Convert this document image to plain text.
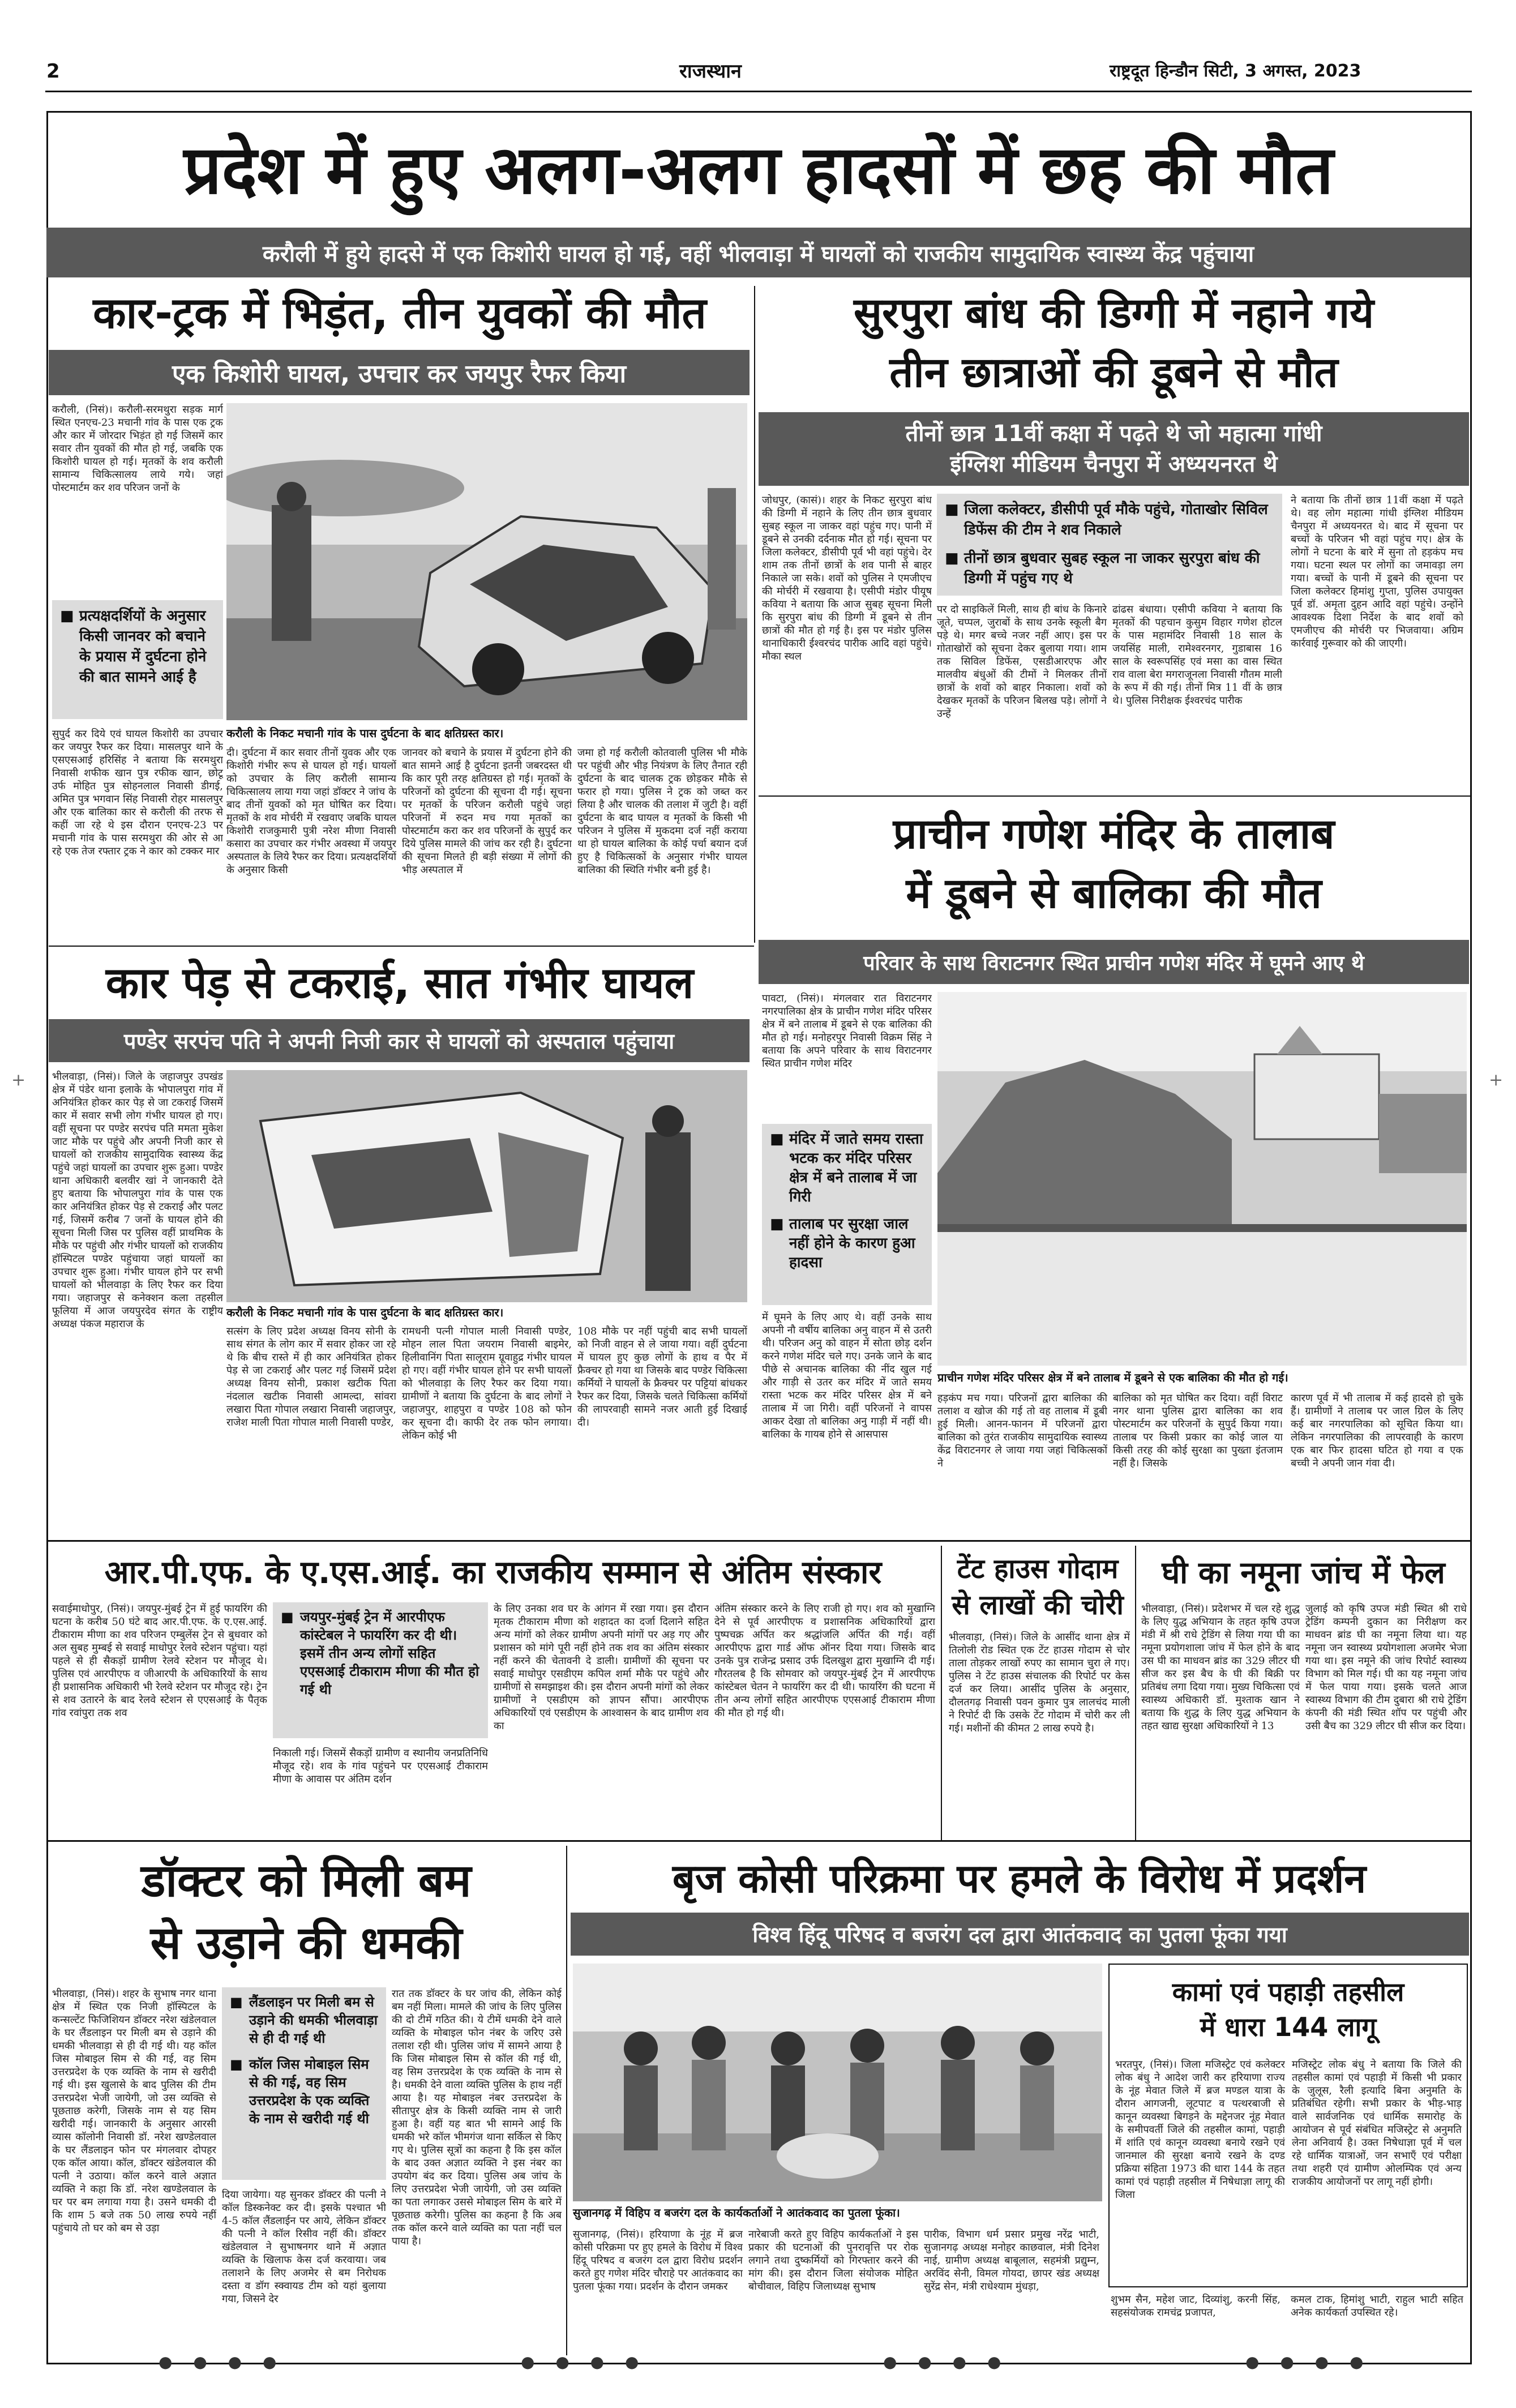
2	राजस्थान	राष्ट्रदूत हिन्डौन सिटी, 3 अगस्त, 2023
प्रदेश में हुए अलग-अलग हादसों में छह की मौत
करौली में हुये हादसे में एक किशोरी घायल हो गई, वहीं भीलवाड़ा में घायलों को राजकीय सामुदायिक स्वास्थ्य केंद्र पहुंचाया
कार-ट्रक में भिड़ंत, तीन युवकों की मौत
एक किशोरी घायल, उपचार कर जयपुर रैफर किया
करौली, (निसं)। करौली-सरमथुरा सड़क मार्ग स्थित एनएच-23 मचानी गांव के पास एक ट्रक और कार में जोरदार भिड़ंत हो गई जिसमें कार सवार तीन युवकों की मौत हो गई, जबकि एक किशोरी घायल हो गई। मृतकों के शव करौली सामान्य चिकित्सालय लाये गये। जहां पोस्टमार्टम कर शव परिजन जनों के
■ प्रत्यक्षदर्शियों के अनुसार किसी जानवर को बचाने के प्रयास में दुर्घटना होने की बात सामने आई है
सुपुर्द कर दिये एवं घायल किशोरी का उपचार कर जयपुर रैफर कर दिया। मासलपुर थाने के एसएसआई हरिसिंह ने बताया कि सरमथुरा निवासी शफीक खान पुत्र रफीक खान, छोटू उर्फ मोहित पुत्र सोहनलाल निवासी डीगई, अमित पुत्र भगवान सिंह निवासी रोहर मासलपुर और एक बालिका कार से करौली की तरफ से कहीं जा रहे थे इस दौरान एनएच-23 पर मचानी गांव के पास सरमथुरा की ओर से आ रहे एक तेज रफ्तार ट्रक ने कार को टक्कर मार
करौली के निकट मचानी गांव के पास दुर्घटना के बाद क्षतिग्रस्त कार।
दी। दुर्घटना में कार सवार तीनों युवक और एक किशोरी गंभीर रूप से घायल हो गई। घायलों को उपचार के लिए करौली सामान्य चिकित्सालय लाया गया जहां डॉक्टर ने जांच के बाद तीनों युवकों को मृत घोषित कर दिया। मृतकों के शव मोर्चरी में रखवाए जबकि घायल किशोरी राजकुमारी पुत्री नरेश मीणा निवासी कसारा का उपचार कर गंभीर अवस्था में जयपुर अस्पताल के लिये रैफर कर दिया। प्रत्यक्षदर्शियों के अनुसार किसी
जानवर को बचाने के प्रयास में दुर्घटना होने की बात सामने आई है दुर्घटना इतनी जबरदस्त थी कि कार पूरी तरह क्षतिग्रस्त हो गई। मृतकों के परिजनों को दुर्घटना की सूचना दी गई। सूचना पर मृतकों के परिजन करौली पहुंचे जहां परिजनों में रुदन मच गया मृतकों का पोस्टमार्टम करा कर शव परिजनों के सुपुर्द कर दिये पुलिस मामले की जांच कर रही है। दुर्घटना की सूचना मिलते ही बड़ी संख्या में लोगों की भीड़ अस्पताल में
जमा हो गई करौली कोतवाली पुलिस भी मौके पर पहुंची और भीड़ नियंत्रण के लिए तैनात रही दुर्घटना के बाद चालक ट्रक छोड़कर मौके से फरार हो गया। पुलिस ने ट्रक को जब्त कर लिया है और चालक की तलाश में जुटी है। वहीं दुर्घटना के बाद घायल व मृतकों के किसी भी परिजन ने पुलिस में मुकदमा दर्ज नहीं कराया था हो घायल बालिका के कोई पर्चा बयान दर्ज हुए है चिकित्सकों के अनुसार गंभीर घायल बालिका की स्थिति गंभीर बनी हुई है।
सुरपुरा बांध की डिग्गी में नहाने गये
तीन छात्राओं की डूबने से मौत
तीनों छात्र 11वीं कक्षा में पढ़ते थे जो महात्मा गांधी
इंग्लिश मीडियम चैनपुरा में अध्ययनरत थे
जोधपुर, (कासं)। शहर के निकट सुरपुरा बांध की डिग्गी में नहाने के लिए तीन छात्र बुधवार सुबह स्कूल ना जाकर वहां पहुंच गए। पानी में डूबने से उनकी दर्दनाक मौत हो गई। सूचना पर जिला कलेक्टर, डीसीपी पूर्व भी वहां पहुंचे। देर शाम तक तीनों छात्रों के शव पानी से बाहर निकाले जा सके। शवों को पुलिस ने एमजीएच की मोर्चरी में रखवाया है। एसीपी मंडोर पीयूष कविया ने बताया कि आज सुबह सूचना मिली कि सुरपुरा बांध की डिग्गी में डूबने से तीन छात्रों की मौत हो गई है। इस पर मंडोर पुलिस थानाधिकारी ईश्वरचंद पारीक आदि वहां पहुंचे। मौका स्थल
■ जिला कलेक्टर, डीसीपी पूर्व मौके पहुंचे, गोताखोर सिविल डिफेंस की टीम ने शव निकाले
■ तीनों छात्र बुधवार सुबह स्कूल ना जाकर सुरपुरा बांध की डिग्गी में पहुंच गए थे
पर दो साइकिलें मिली, साथ ही बांध के किनारे जूते, चप्पल, जुराबों के साथ उनके स्कूली बैग पड़े थे। मगर बच्चे नजर नहीं आए। इस पर गोताखोरों को सूचना देकर बुलाया गया। शाम तक सिविल डिफेंस, एसडीआरएफ और मालवीय बंधुओं की टीमों ने मिलकर तीनों छात्रों के शवों को बाहर निकाला। शवों को देखकर मृतकों के परिजन बिलख पड़े। लोगों ने उन्हें
ढांढस बंधाया। एसीपी कविया ने बताया कि मृतकों की पहचान कुसुम विहार गणेश होटल के पास महामंदिर निवासी 18 साल के जयसिंह माली, रामेश्वरनगर, गुडाबास 16 साल के स्वरूपसिंह एवं मसा का वास स्थित राव वाला बेरा मगराजूनला निवासी गौतम माली के रूप में की गई। तीनों मित्र 11 वीं के छात्र थे। पुलिस निरीक्षक ईश्वरचंद पारीक
ने बताया कि तीनों छात्र 11वीं कक्षा में पढ़ते थे। वह लोग महात्मा गांधी इंग्लिश मीडियम चैनपुरा में अध्ययनरत थे। बाद में सूचना पर बच्चों के परिजन भी वहां पहुंच गए। क्षेत्र के लोगों ने घटना के बारे में सुना तो हड़कंप मच गया। घटना स्थल पर लोगों का जमावड़ा लग गया। बच्चों के पानी में डूबने की सूचना पर जिला कलेक्टर हिमांशु गुप्ता, पुलिस उपायुक्त पूर्व डॉ. अमृता दुहन आदि वहां पहुंचे। उन्होंने आवश्यक दिशा निर्देश के बाद शवों को एमजीएच की मोर्चरी पर भिजवाया। अग्रिम कार्रवाई गुरूवार को की जाएगी।
प्राचीन गणेश मंदिर के तालाब
में डूबने से बालिका की मौत
परिवार के साथ विराटनगर स्थित प्राचीन गणेश मंदिर में घूमने आए थे
पावटा, (निसं)। मंगलवार रात विराटनगर नगरपालिका क्षेत्र के प्राचीन गणेश मंदिर परिसर क्षेत्र में बने तालाब में डूबने से एक बालिका की मौत हो गई। मनोहरपुर निवासी विक्रम सिंह ने बताया कि अपने परिवार के साथ विराटनगर स्थित प्राचीन गणेश मंदिर
■ मंदिर में जाते समय रास्ता भटक कर मंदिर परिसर क्षेत्र में बने तालाब में जा गिरी
■ तालाब पर सुरक्षा जाल नहीं होने के कारण हुआ हादसा
में घूमने के लिए आए थे। वहीं उनके साथ अपनी नौ वर्षीय बालिका अनु वाहन में से उतरी थी। परिजन अनु को वाहन में सोता छोड़ दर्शन करने गणेश मंदिर चले गए। उनके जाने के बाद पीछे से अचानक बालिका की नींद खुल गई और गाड़ी से उतर कर मंदिर में जाते समय रास्ता भटक कर मंदिर परिसर क्षेत्र में बने तालाब में जा गिरी। वहीं परिजनों ने वापस आकर देखा तो बालिका अनु गाड़ी में नहीं थी। बालिका के गायब होने से आसपास
प्राचीन गणेश मंदिर परिसर क्षेत्र में बने तालाब में डूबने से एक बालिका की मौत हो गई।
हड़कंप मच गया। परिजनों द्वारा बालिका की तलाश व खोज की गई तो वह तालाब में डूबी हुई मिली। आनन-फानन में परिजनों द्वारा बालिका को तुरंत राजकीय सामुदायिक स्वास्थ्य केंद्र विराटनगर ले जाया गया जहां चिकित्सकों ने
बालिका को मृत घोषित कर दिया। वहीं विराट नगर थाना पुलिस द्वारा बालिका का शव पोस्टमार्टम कर परिजनों के सुपुर्द किया गया। तालाब पर किसी प्रकार का कोई जाल या किसी तरह की कोई सुरक्षा का पुख्ता इंतजाम नहीं है। जिसके
कारण पूर्व में भी तालाब में कई हादसे हो चुके हैं। ग्रामीणों ने तालाब पर जाल ग्रिल के लिए कई बार नगरपालिका को सूचित किया था। लेकिन नगरपालिका की लापरवाही के कारण एक बार फिर हादसा घटित हो गया व एक बच्ची ने अपनी जान गंवा दी।
कार पेड़ से टकराई, सात गंभीर घायल
पण्डेर सरपंच पति ने अपनी निजी कार से घायलों को अस्पताल पहुंचाया
भीलवाड़ा, (निसं)। जिले के जहाजपुर उपखंड क्षेत्र में पंडेर थाना इलाके के भोपालपुरा गांव में अनियंत्रित होकर कार पेड़ से जा टकराई जिसमें कार में सवार सभी लोग गंभीर घायल हो गए। वहीं सूचना पर पण्डेर सरपंच पति ममता मुकेश जाट मौके पर पहुंचे और अपनी निजी कार से घायलों को राजकीय सामुदायिक स्वास्थ्य केंद्र पहुंचे जहां घायलों का उपचार शुरू हुआ। पण्डेर थाना अधिकारी बलवीर खां ने जानकारी देते हुए बताया कि भोपालपुरा गांव के पास एक कार अनियंत्रित होकर पेड़ से टकराई और पलट गई, जिसमें करीब 7 जनों के घायल होने की सूचना मिली जिस पर पुलिस वहीं प्राथमिक के मौके पर पहुंची और गंभीर घायलों को राजकीय हॉस्पिटल पण्डेर पहुंचाया जहां घायलों का उपचार शुरू हुआ। गंभीर घायल होने पर सभी घायलों को भीलवाड़ा के लिए रैफर कर दिया गया। जहाजपुर से कनेक्शन कला तहसील फूलिया में आज जयपुरदेव संगत के राष्ट्रीय अध्यक्ष पंकज महाराज के
करौली के निकट मचानी गांव के पास दुर्घटना के बाद क्षतिग्रस्त कार।
सत्संग के लिए प्रदेश अध्यक्ष विनय सोनी के साथ संगत के लोग कार में सवार होकर जा रहे थे कि बीच रास्ते में ही कार अनियंत्रित होकर पेड़ से जा टकराई और पलट गई जिसमें प्रदेश अध्यक्ष विनय सोनी, प्रकाश खटीक पिता नंदलाल खटीक निवासी आमल्दा, सांवरा लखारा पिता गोपाल लखारा निवासी जहाजपुर, राजेश माली पिता गोपाल माली निवासी पण्डेर,
रामधनी पत्नी गोपाल माली निवासी पण्डेर, मोहन लाल पिता जयराम निवासी बाइमेर, हिलीवानिंग पिता सालूराम ग्रूवाहुद्र गंभीर घायल हो गए। वहीं गंभीर घायल होने पर सभी घायलों को भीलवाड़ा के लिए रैफर कर दिया गया। ग्रामीणों ने बताया कि दुर्घटना के बाद लोगों ने जहाजपुर, शाहपुरा व पण्डेर 108 को फोन कर सूचना दी। काफी देर तक फोन लगाया। लेकिन कोई भी
108 मौके पर नहीं पहुंची बाद सभी घायलों को निजी वाहन से ले जाया गया। वहीं दुर्घटना में घायल हुए कुछ लोगों के हाथ व पैर में फ्रैक्चर हो गया था जिसके बाद पण्डेर चिकित्सा कर्मियों ने घायलों के फ्रैक्चर पर पट्टियां बांधकर रैफर कर दिया, जिसके चलते चिकित्सा कर्मियों की लापरवाही सामने नजर आती हुई दिखाई दी।
आर.पी.एफ. के ए.एस.आई. का राजकीय सम्मान से अंतिम संस्कार
सवाईमाधोपुर, (निसं)। जयपुर-मुंबई ट्रेन में हुई फायरिंग की घटना के करीब 50 घंटे बाद आर.पी.एफ. के ए.एस.आई. टीकाराम मीणा का शव परिजन एम्बुलेंस ट्रेन से बुधवार को अल सुबह मुम्बई से सवाई माधोपुर रेलवे स्टेशन पहुंचा। यहां पहले से ही सैकड़ों ग्रामीण रेलवे स्टेशन पर मौजूद थे। पुलिस एवं आरपीएफ व जीआरपी के अधिकारियों के साथ ही प्रशासनिक अधिकारी भी रेलवे स्टेशन पर मौजूद रहे। ट्रेन से शव उतारने के बाद रेलवे स्टेशन से एएसआई के पैतृक गांव रवांपुरा तक शव
■ जयपुर-मुंबई ट्रेन में आरपीएफ कांस्टेबल ने फायरिंग कर दी थी। इसमें तीन अन्य लोगों सहित एएसआई टीकाराम मीणा की मौत हो गई थी
निकाली गई। जिसमें सैकड़ों ग्रामीण व स्थानीय जनप्रतिनिधि मौजूद रहे। शव के गांव पहुंचने पर एएसआई टीकाराम मीणा के आवास पर अंतिम दर्शन
के लिए उनका शव घर के आंगन में रखा गया। इस दौरान मृतक टीकाराम मीणा को शहादत का दर्जा दिलाने सहित अन्य मांगों को लेकर ग्रामीण अपनी मांगों पर अड़ गए और प्रशासन को मांगे पूरी नहीं होने तक शव का अंतिम संस्कार नहीं करने की चेतावनी दे डाली। ग्रामीणों की सूचना पर सवाई माधोपुर एसडीएम कपिल शर्मा मौके पर पहुंचे और ग्रामीणों से समझाइश की। इस दौरान अपनी मांगों को लेकर ग्रामीणों ने एसडीएम को ज्ञापन सौंपा। आरपीएफ अधिकारियों एवं एसडीएम के आश्वासन के बाद ग्रामीण शव का
अंतिम संस्कार करने के लिए राजी हो गए। शव को मुखाग्नि देने से पूर्व आरपीएफ व प्रशासनिक अधिकारियों द्वारा पुष्पचक्र अर्पित कर श्रद्धांजलि अर्पित की गई। वहीं आरपीएफ द्वारा गार्ड ऑफ ऑनर दिया गया। जिसके बाद उनके पुत्र राजेन्द्र प्रसाद उर्फ दिलखुश द्वारा मुखाग्नि दी गई। गौरतलब है कि सोमवार को जयपुर-मुंबई ट्रेन में आरपीएफ कांस्टेबल चेतन ने फायरिंग कर दी थी। फायरिंग की घटना में तीन अन्य लोगों सहित आरपीएफ एएसआई टीकाराम मीणा की मौत हो गई थी।
टेंट हाउस गोदाम
से लाखों की चोरी
भीलवाड़ा, (निसं)। जिले के आसींद थाना क्षेत्र में तिलोली रोड स्थित एक टेंट हाउस गोदाम से चोर ताला तोड़कर लाखों रुपए का सामान चुरा ले गए। पुलिस ने टेंट हाउस संचालक की रिपोर्ट पर केस दर्ज कर लिया। आसींद पुलिस के अनुसार, दौलतगढ़ निवासी पवन कुमार पुत्र लालचंद माली ने रिपोर्ट दी कि उसके टेंट गोदाम में चोरी कर ली गई। मशीनों की कीमत 2 लाख रुपये है।
घी का नमूना जांच में फेल
भीलवाड़ा, (निसं)। प्रदेशभर में चल रहे शुद्ध के लिए युद्ध अभियान के तहत कृषि उपज मंडी में श्री राधे ट्रेडिंग से लिया गया घी का नमूना प्रयोगशाला जांच में फेल होने के बाद उस घी का माधवन ब्रांड का 329 लीटर घी सीज कर इस बैच के घी की बिक्री पर प्रतिबंध लगा दिया गया। मुख्य चिकित्सा एवं स्वास्थ्य अधिकारी डॉ. मुश्ताक खान ने बताया कि शुद्ध के लिए युद्ध अभियान के तहत खाद्य सुरक्षा अधिकारियों ने 13
जुलाई को कृषि उपज मंडी स्थित श्री राधे ट्रेडिंग कम्पनी दुकान का निरीक्षण कर माधवन ब्रांड घी का नमूना लिया था। यह नमूना जन स्वास्थ्य प्रयोगशाला अजमेर भेजा गया था। इस नमूने की जांच रिपोर्ट स्वास्थ्य विभाग को मिल गई। घी का यह नमूना जांच में फेल पाया गया। इसके चलते आज स्वास्थ्य विभाग की टीम दुबारा श्री राधे ट्रेडिंग कंपनी की मंडी स्थित शॉप पर पहुंची और उसी बैच का 329 लीटर घी सीज कर दिया।
डॉक्टर को मिली बम
से उड़ाने की धमकी
भीलवाड़ा, (निसं)। शहर के सुभाष नगर थाना क्षेत्र में स्थित एक निजी हॉस्पिटल के कन्सल्टेंट फिजिशियन डॉक्टर नरेश खंडेलवाल के घर लैंडलाइन पर मिली बम से उड़ाने की धमकी भीलवाड़ा से ही दी गई थी। यह कॉल जिस मोबाइल सिम से की गई, वह सिम उत्तरप्रदेश के एक व्यक्ति के नाम से खरीदी गई थी। इस खुलासे के बाद पुलिस की टीम उत्तरप्रदेश भेजी जायेगी, जो उस व्यक्ति से पूछताछ करेगी, जिसके नाम से यह सिम खरीदी गई। जानकारी के अनुसार आरसी व्यास कॉलोनी निवासी डॉ. नरेश खण्डेलवाल के घर लैंडलाइन फोन पर मंगलवार दोपहर एक कॉल आया। कॉल, डॉक्टर खंडेलवाल की पत्नी ने उठाया। कॉल करने वाले अज्ञात व्यक्ति ने कहा कि डॉ. नरेश खण्डेलवाल के घर पर बम लगाया गया है। उसने धमकी दी कि शाम 5 बजे तक 50 लाख रुपये नहीं पहुंचाये तो घर को बम से उड़ा
■ लैंडलाइन पर मिली बम से उड़ाने की धमकी भीलवाड़ा से ही दी गई थी
■ कॉल जिस मोबाइल सिम से की गई, वह सिम उत्तरप्रदेश के एक व्यक्ति के नाम से खरीदी गई थी
दिया जायेगा। यह सुनकर डॉक्टर की पत्नी ने कॉल डिस्कनेक्ट कर दी। इसके पश्चात भी 4-5 कॉल लैंडलाईन पर आये, लेकिन डॉक्टर की पत्नी ने कॉल रिसीव नहीं की। डॉक्टर खंडेलवाल ने सुभाषनगर थाने में अज्ञात व्यक्ति के खिलाफ केस दर्ज करवाया। जब तलाशने के लिए अजमेर से बम निरोधक दस्ता व डॉग स्क्वायड टीम को यहां बुलाया गया, जिसने देर
रात तक डॉक्टर के घर जांच की, लेकिन कोई बम नहीं मिला। मामले की जांच के लिए पुलिस की दो टीमें गठित की। ये टीमें धमकी देने वाले व्यक्ति के मोबाइल फोन नंबर के जरिए उसे तलाश रही थी। पुलिस जांच में सामने आया है कि जिस मोबाइल सिम से कॉल की गई थी, वह सिम उत्तरप्रदेश के एक व्यक्ति के नाम से है। धमकी देने वाला व्यक्ति पुलिस के हाथ नहीं आया है। यह मोबाइल नंबर उत्तरप्रदेश के सीतापुर क्षेत्र के किसी व्यक्ति नाम से जारी हुआ है। वहीं यह बात भी सामने आई कि धमकी भरे कॉल भीमगंज थाना सर्किल से किए गए थे। पुलिस सूत्रों का कहना है कि इस कॉल के बाद उक्त अज्ञात व्यक्ति ने इस नंबर का उपयोग बंद कर दिया। पुलिस अब जांच के लिए उत्तरप्रदेश भेजी जायेगी, जो उस व्यक्ति का पता लगाकर उससे मोबाइल सिम के बारे में पूछताछ करेगी। पुलिस का कहना है कि अब तक कॉल करने वाले व्यक्ति का पता नहीं चल पाया है।
बृज कोसी परिक्रमा पर हमले के विरोध में प्रदर्शन
विश्व हिंदू परिषद व बजरंग दल द्वारा आतंकवाद का पुतला फूंका गया
सुजानगढ़ में विहिप व बजरंग दल के कार्यकर्ताओं ने आतंकवाद का पुतला फूंका।
सुजानगढ़, (निसं)। हरियाणा के नूंह में ब्रज कोसी परिक्रमा पर हुए हमले के विरोध में विश्व हिंदू परिषद व बजरंग दल द्वारा विरोध प्रदर्शन करते हुए गणेश मंदिर चौराहे पर आतंकवाद का पुतला फूंका गया। प्रदर्शन के दौरान जमकर
नारेबाजी करते हुए विहिप कार्यकर्ताओं ने इस प्रकार की घटनाओं की पुनरावृत्ति पर रोक लगाने तथा दुष्कर्मियों को गिरफ्तार करने की मांग की। इस दौरान जिला संयोजक मोहित बोचीवाल, विहिप जिलाध्यक्ष सुभाष
पारीक, विभाग धर्म प्रसार प्रमुख नरेंद्र भाटी, सुजानगढ़ अध्यक्ष मनोहर काछवाल, मंत्री दिनेश नाई, ग्रामीण अध्यक्ष बाबूलाल, सहमंत्री प्रद्युम्न, अरविंद सेनी, विमल गोयदा, छापर खंड अध्यक्ष सुरेंद्र सेन, मंत्री राधेश्याम मुंधड़ा,
शुभम सैन, महेश जाट, दिव्यांशु, करनी सिंह, सहसंयोजक रामचंद्र प्रजापत,
कमल टाक, हिमांशु भाटी, राहुल भाटी सहित अनेक कार्यकर्ता उपस्थित रहे।
कामां एवं पहाड़ी तहसील
में धारा 144 लागू
भरतपुर, (निसं)। जिला मजिस्ट्रेट एवं कलेक्टर लोक बंधु ने आदेश जारी कर हरियाणा राज्य के नूंह मेवात जिले में ब्रज मण्डल यात्रा के दौरान आगजनी, लूटपाट व पत्थरबाजी से कानून व्यवस्था बिगड़ने के मद्देनजर नूंह मेवात के समीपवर्ती जिले की तहसील कामां, पहाड़ी में शांति एवं कानून व्यवस्था बनाये रखने एवं जानमाल की सुरक्षा बनाये रखने के दण्ड प्रक्रिया संहिता 1973 की धारा 144 के तहत कामां एवं पहाड़ी तहसील में निषेधाज्ञा लागू की जिला
मजिस्ट्रेट लोक बंधु ने बताया कि जिले की तहसील कामां एवं पहाड़ी में किसी भी प्रकार के जुलूस, रैली इत्यादि बिना अनुमति के प्रतिबंधित रहेगी। सभी प्रकार के भीड़-भाड़ वाले सार्वजनिक एवं धार्मिक समारोह के आयोजन से पूर्व संबंधित मजिस्ट्रेट से अनुमति लेना अनिवार्य है। उक्त निषेधाज्ञा पूर्व में चल रहे धार्मिक यात्राओं, जन सभाएँ एवं परीक्षा तथा शहरी एवं ग्रामीण ओलम्पिक एवं अन्य राजकीय आयोजनों पर लागू नहीं होगी।
● ● ● ●	● ● ● ●	● ● ● ●	● ● ● ●
+	+
